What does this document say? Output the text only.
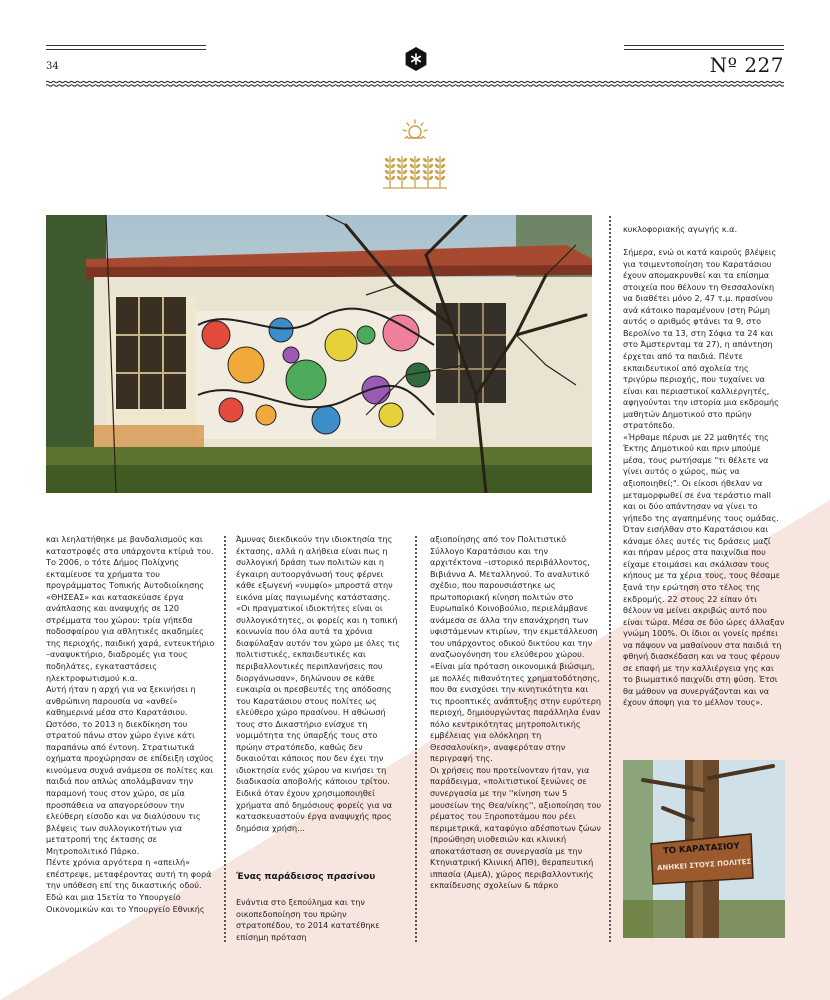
34	Nº 227
και λεηλατήθηκε με βανδαλισμούς και καταστροφές στα υπάρχοντα κτίριά του. Το 2006, ο τότε Δήμος Πολίχνης εκταμίευσε τα χρήματα του προγράμματος Τοπικής Αυτοδιοίκησης «ΘΗΣΕΑΣ» και κατασκεύασε έργα ανάπλασης και αναψυχής σε 120 στρέμματα του χώρου: τρία γήπεδα ποδοσφαίρου για αθλητικές ακαδημίες της περιοχής, παιδική χαρά, εντευκτήριο –αναψυκτήριο, διαδρομές για τους ποδηλάτες, εγκαταστάσεις ηλεκτροφωτισμού κ.α.
Αυτή ήταν η αρχή για να ξεκινήσει η ανθρώπινη παρουσία να «ανθεί» καθημερινά μέσα στο Καρατάσιου. Ωστόσο, το 2013 η διεκδίκηση του στρατού πάνω στον χώρο έγινε κάτι παραπάνω από έντονη. Στρατιωτικά οχήματα προχώρησαν σε επίδειξη ισχύος κινούμενα συχνά ανάμεσα σε πολίτες και παιδιά που απλώς απολάμβαναν την παραμονή τους στον χώρο, σε μία προσπάθεια να απαγορεύσουν την ελεύθερη είσοδο και να διαλύσουν τις βλέψεις των συλλογικοτήτων για μετατροπή της έκτασης σε Μητροπολιτικό Πάρκο.
Πέντε χρόνια αργότερα η «απειλή» επέστρεψε, μεταφέροντας αυτή τη φορά την υπόθεση επί της δικαστικής οδού. Εδώ και μια 15ετία το Υπουργείο Οικονομικών και το Υπουργείο Εθνικής
Άμυνας διεκδικούν την ιδιοκτησία της έκτασης, αλλά η αλήθεια είναι πως η συλλογική δράση των πολιτών και η έγκαιρη αυτοοργάνωσή τους φέρνει κάθε εξωγενή «νυμφίο» μπροστά στην εικόνα μίας παγιωμένης κατάστασης. «Οι πραγματικοί ιδιοκτήτες είναι οι συλλογικότητες, οι φορείς και η τοπική κοινωνία που όλα αυτά τα χρόνια διαφύλαξαν αυτόν τον χώρο με όλες τις πολιτιστικές, εκπαιδευτικές και περιβαλλοντικές περιπλανήσεις που διοργάνωσαν», δηλώνουν σε κάθε ευκαιρία οι πρεσβευτές της απόδοσης του Καρατάσιου στους πολίτες ως ελεύθερο χώρο πρασίνου. Η αθώωσή τους στο Δικαστήριο ενίσχυε τη νομιμότητα της ύπαρξής τους στο πρώην στρατόπεδο, καθώς δεν δικαιούται κάποιος που δεν έχει την ιδιοκτησία ενός χώρου να κινήσει τη διαδικασία αποβολής κάποιου τρίτου. Ειδικά όταν έχουν χρησιμοποιηθεί χρήματα από δημόσιους φορείς για να κατασκευαστούν έργα αναψυχής προς δημόσια χρήση...
Ένας παράδεισος πρασίνου
Ενάντια στο ξεπούλημα και την οικοπεδοποίηση του πρώην στρατοπέδου, το 2014 κατατέθηκε επίσημη πρόταση
αξιοποίησης από τον Πολιτιστικό Σύλλογο Καρατάσιου και την αρχιτέκτονα –ιστορικό περιβάλλοντος, Βιβιάννα Α. Μεταλληνού. Το αναλυτικό σχέδιο, που παρουσιάστηκε ως πρωτοποριακή κίνηση πολιτών στο Ευρωπαϊκό Κοινοβούλιο, περιελάμβανε ανάμεσα σε άλλα την επανάχρηση των υφιστάμενων κτιρίων, την εκμετάλλευση του υπάρχοντος οδικού δικτύου και την αναζωογόνηση του ελεύθερου χώρου. «Είναι μία πρόταση οικονομικά βιώσιμη, με πολλές πιθανότητες χρηματοδότησης, που θα ενισχύσει την κινητικότητα και τις προοπτικές ανάπτυξης στην ευρύτερη περιοχή, δημιουργώντας παράλληλα έναν πόλο κεντρικότητας μητροπολιτικής εμβέλειας για ολόκληρη τη Θεσσαλονίκη», αναφερόταν στην περιγραφή της.
Οι χρήσεις που προτείνονταν ήταν, για παράδειγμα, «πολιτιστικοί ξενώνες σε συνεργασία με την ''κίνηση των 5 μουσείων της Θεα/νίκης'', αξιοποίηση του ρέματος του Ξηροποτάμου που ρέει περιμετρικά, καταφύγιο αδέσποτων ζώων (προώθηση υιοθεσιών και κλινική αποκατάσταση σε συνεργασία με την Κτηνιατρική Κλινική ΑΠΘ), θεραπευτική ιππασία (ΑμεΑ), χώρος περιβαλλοντικής εκπαίδευσης σχολείων & πάρκο
κυκλοφοριακής αγωγής κ.α.

Σήμερα, ενώ οι κατά καιρούς βλέψεις για τσιμεντοποίηση του Καρατάσιου έχουν απομακρυνθεί και τα επίσημα στοιχεία που θέλουν τη Θεσσαλονίκη να διαθέτει μόνο 2, 47 τ.μ. πρασίνου ανά κάτοικο παραμένουν (στη Ρώμη αυτός ο αριθμός φτάνει τα 9, στο Βερολίνο τα 13, στη Σόφια τα 24 και στο Άμστερνταμ τα 27), η απάντηση έρχεται από τα παιδιά. Πέντε εκπαιδευτικοί από σχολεία της τριγύρω περιοχής, που τυχαίνει να είναι και περιαστικοί καλλιεργητές, αφηγούνται την ιστορία μια εκδρομής μαθητών Δημοτικού στο πρώην στρατόπεδο.
«Ήρθαμε πέρυσι με 22 μαθητές της Έκτης Δημοτικού και πριν μπούμε μέσα, τους ρωτήσαμε "τι θέλετε να γίνει αυτός ο χώρος, πώς να αξιοποιηθεί;". Οι είκοσι ήθελαν να μεταμορφωθεί σε ένα τεράστιο mall και οι δύο απάντησαν να γίνει το γήπεδο της αγαπημένης τους ομάδας. Όταν εισήλθαν στο Καρατάσιου και κάναμε όλες αυτές τις δράσεις μαζί και πήραν μέρος στα παιχνίδια που είχαμε ετοιμάσει και σκάλισαν τους κήπους με τα χέρια τους, τους θέσαμε ξανά την ερώτηση στο τέλος της εκδρομής. 22 στους 22 είπαν ότι θέλουν να μείνει ακριβώς αυτό που είναι τώρα. Μέσα σε δύο ώρες άλλαξαν γνώμη 100%. Οι ίδιοι οι γονείς πρέπει να πάψουν να μαθαίνουν στα παιδιά τη φθηνή διασκέδαση και να τους φέρουν σε επαφή με την καλλιέργεια γης και το βιωματικό παιχνίδι στη φύση. Έτσι θα μάθουν να συνεργάζονται και να έχουν άποψη για το μέλλον τους».
ΤΟ ΚΑΡΑΤΑΣΙΟΥ
ΑΝΗΚΕΙ ΣΤΟΥΣ ΠΟΛΙΤΕΣ
